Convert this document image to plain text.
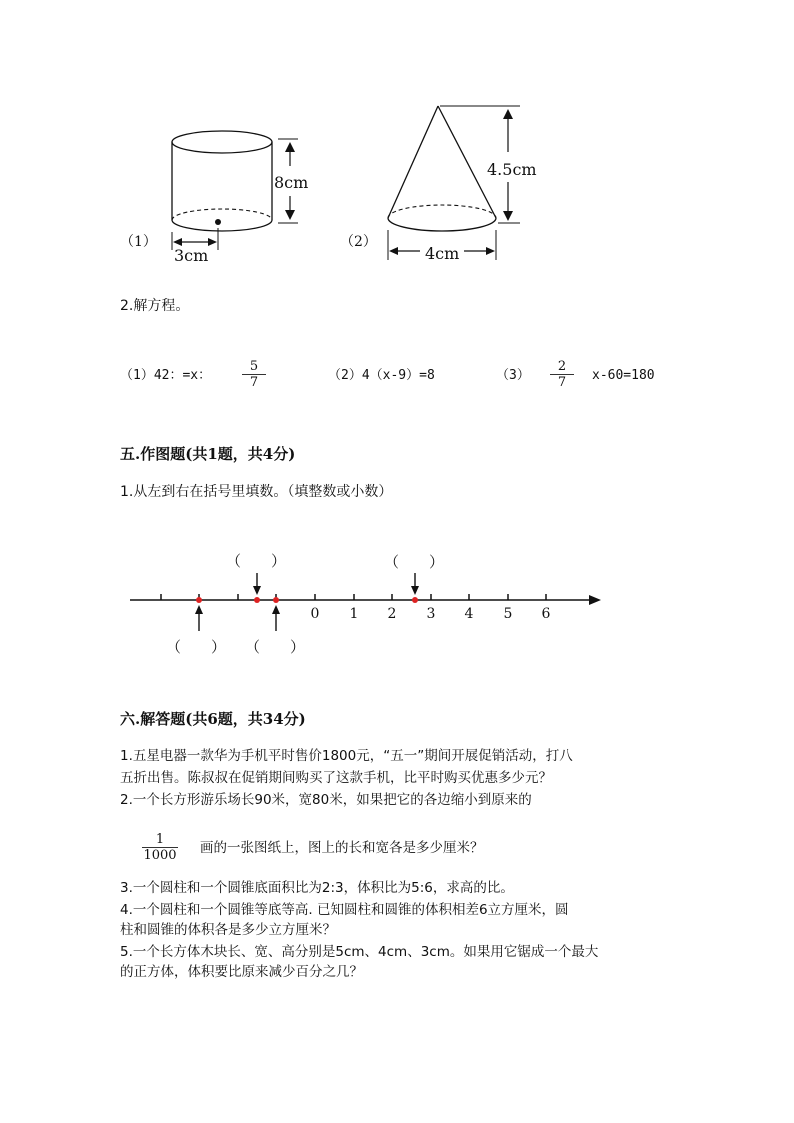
（1）
8cm
3cm
（2）
4.5cm
4cm
2.解方程。
（1）42：=x： $\frac{5}{7}$	（2）4（x-9）=8	$(3) \frac{2}{7} x-60=180$
五.作图题(共1题，共4分)
1.从左到右在括号里填数。（填整数或小数）
0	1	2	3	4	5	6
（　　）	（　　）
（　　） （　　）
六.解答题(共6题，共34分)
1.五星电器一款华为手机平时售价1800元，“五一”期间开展促销活动，打八
五折出售。陈叔叔在促销期间购买了这款手机，比平时购买优惠多少元？
2.一个长方形游乐场长90米，宽80米，如果把它的各边缩小到原来的
$\frac{1}{1000}$ 画的一张图纸上，图上的长和宽各是多少厘米？
3.一个圆柱和一个圆锥底面积比为2:3，体积比为5:6，求高的比。
4.一个圆柱和一个圆锥等底等高. 已知圆柱和圆锥的体积相差6立方厘米，圆
柱和圆锥的体积各是多少立方厘米？
5.一个长方体木块长、宽、高分别是5cm、4cm、3cm。如果用它锯成一个最大
的正方体，体积要比原来减少百分之几？
